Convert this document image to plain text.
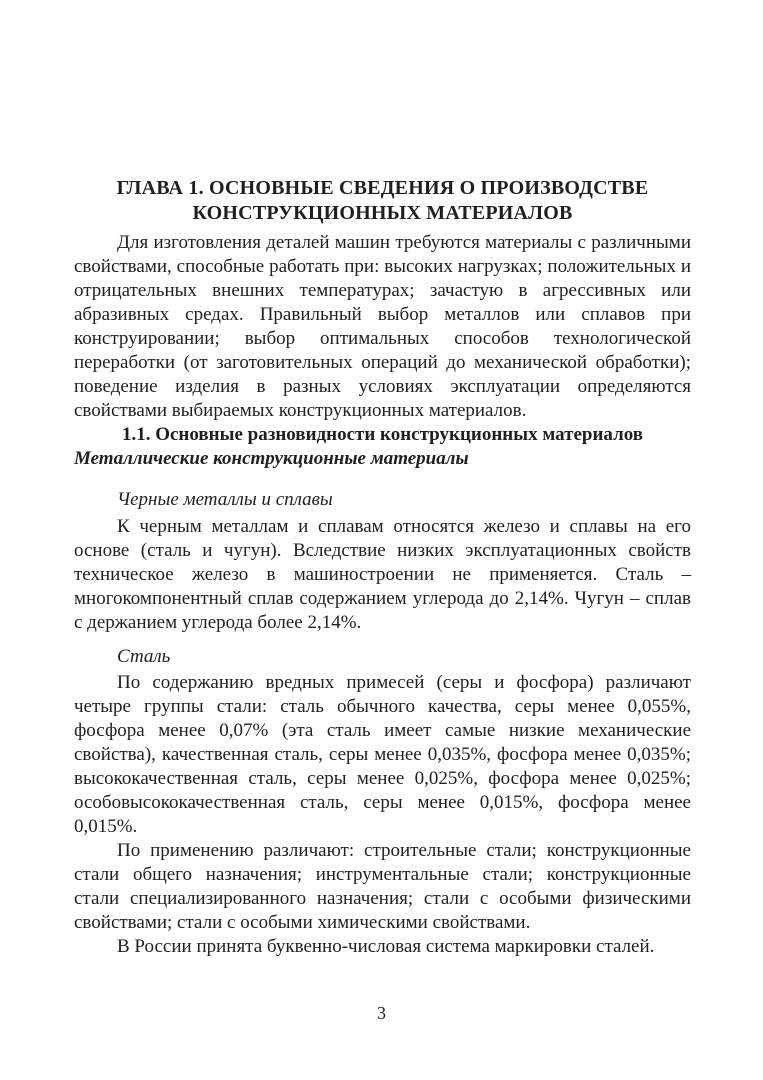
ГЛАВА 1. ОСНОВНЫЕ СВЕДЕНИЯ О ПРОИЗВОДСТВЕ КОНСТРУКЦИОННЫХ МАТЕРИАЛОВ

Для изготовления деталей машин требуются материалы с различными свойствами, способные работать при: высоких нагрузках; положительных и отрицательных внешних температурах; зачастую в агрессивных или абразивных средах. Правильный выбор металлов или сплавов при конструировании; выбор оптимальных способов технологической переработки (от заготовительных операций до механической обработки); поведение изделия в разных условиях эксплуатации определяются свойствами выбираемых конструкционных материалов.

1.1. Основные разновидности конструкционных материалов
Металлические конструкционные материалы
Черные металлы и сплавы

К черным металлам и сплавам относятся железо и сплавы на его основе (сталь и чугун). Вследствие низких эксплуатационных свойств техническое железо в машиностроении не применяется. Сталь – многокомпонентный сплав содержанием углерода до 2,14%. Чугун – сплав с держанием углерода более 2,14%.

Сталь

По содержанию вредных примесей (серы и фосфора) различают четыре группы стали: сталь обычного качества, серы менее 0,055%, фосфора менее 0,07% (эта сталь имеет самые низкие механические свойства), качественная сталь, серы менее 0,035%, фосфора менее 0,035%; высококачественная сталь, серы менее 0,025%, фосфора менее 0,025%; особовысококачественная сталь, серы менее 0,015%, фосфора менее 0,015%.

По применению различают: строительные стали; конструкционные стали общего назначения; инструментальные стали; конструкционные стали специализированного назначения; стали с особыми физическими свойствами; стали с особыми химическими свойствами.

В России принята буквенно-числовая система маркировки сталей.

3
